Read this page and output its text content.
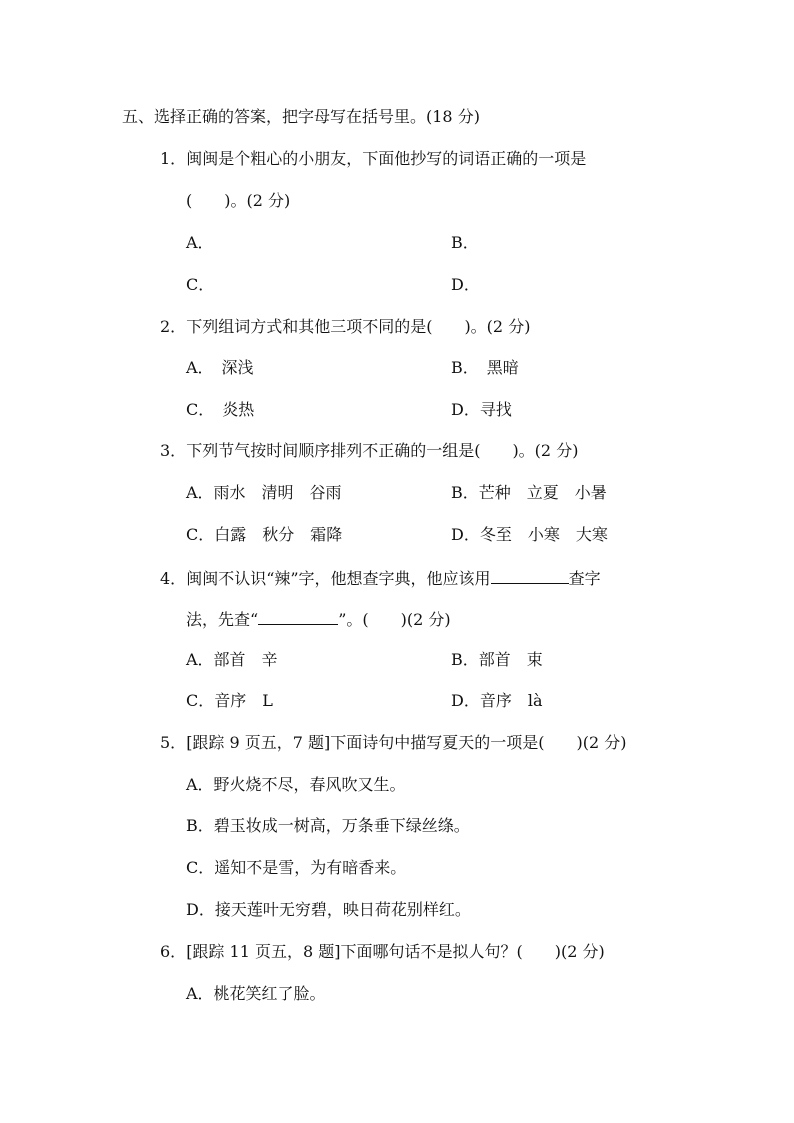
五、选择正确的答案，把字母写在括号里。(18 分)
1．闽闽是个粗心的小朋友，下面他抄写的词语正确的一项是
( )。(2 分)
A．	B．
C．	D．
2．下列组词方式和其他三项不同的是( )。(2 分)
A．　深浅	B．　黑暗
C．　炎热	D．寻找
3．下列节气按时间顺序排列不正确的一组是( )。(2 分)
A．雨水　清明　谷雨	B．芒种　立夏　小暑
C．白露　秋分　霜降	D．冬至　小寒　大寒
4．闽闽不认识“辣”字，他想查字典，他应该用	查字
法，先查“	”。( )(2 分)
A．部首　辛	B．部首　束
C．音序　L	D．音序　là
5．[跟踪 9 页五，7 题]下面诗句中描写夏天的一项是( )(2 分)
A．野火烧不尽，春风吹又生。
B．碧玉妆成一树高，万条垂下绿丝绦。
C．遥知不是雪，为有暗香来。
D．接天莲叶无穷碧，映日荷花别样红。
6．[跟踪 11 页五，8 题]下面哪句话不是拟人句？( )(2 分)
A．桃花笑红了脸。
